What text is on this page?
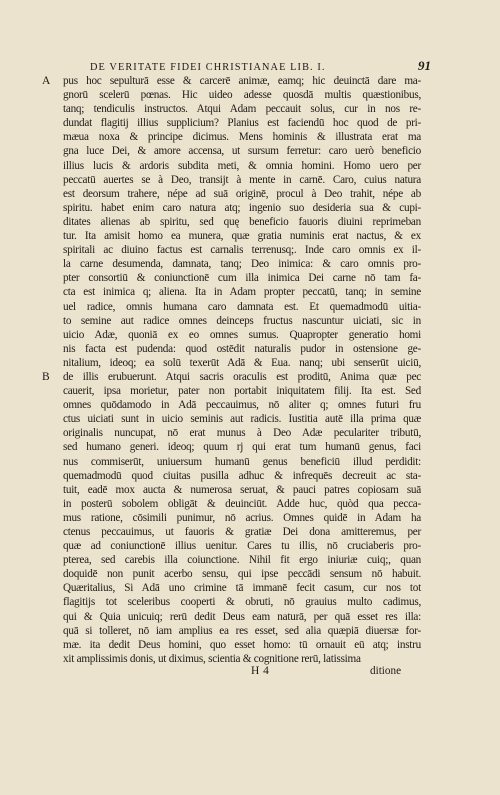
DE VERITATE FIDEI CHRISTIANAE LIB. I.	91
A
B
pus hoc sepulturā esse & carcerē animæ, eamq; hic deuinctā dare ma-
gnorū scelerū pœnas. Hic uideo adesse quosdā multis quæstionibus,
tanq; tendiculis instructos. Atqui Adam peccauit solus, cur in nos re-
dundat flagitij illius supplicium? Planius est faciendū hoc quod de pri-
mæua noxa & principe dicimus. Mens hominis & illustrata erat ma
gna luce Dei, & amore accensa, ut sursum ferretur: caro uerò beneficio
illius lucis & ardoris subdita meti, & omnia homini. Homo uero per
peccatū auertes se à Deo, transijt à mente in carnē. Caro, cuius natura
est deorsum trahere, népe ad suā originē, procul à Deo trahit, népe ab
spiritu. habet enim caro natura atq; ingenio suo desideria sua & cupi-
ditates alienas ab spiritu, sed quę beneficio fauoris diuini reprimeban
tur. Ita amisit homo ea munera, quæ gratia numinis erat nactus, & ex
spiritali ac diuino factus est carnalis terrenusq;. Inde caro omnis ex il-
la carne desumenda, damnata, tanq; Deo inimica: & caro omnis pro-
pter consortiū & coniunctionē cum illa inimica Dei carne nō tam fa-
cta est inimica q; aliena. Ita in Adam propter peccatū, tanq; in semine
uel radice, omnis humana caro damnata est. Et quemadmodū uitia-
to semine aut radice omnes deinceps fructus nascuntur uiciati, sic in
uicio Adæ, quoniā ex eo omnes sumus. Quapropter generatio homi
nis facta est pudenda: quod ostēdit naturalis pudor in ostensione ge-
nitalium, ideoq; ea solū texerūt Adā & Eua. nanq; ubi senserūt uiciū,
de illis erubuerunt. Atqui sacris oraculis est proditū, Anima quæ pec
cauerit, ipsa morietur, pater non portabit iniquitatem filij. Ita est. Sed
omnes quōdamodo in Adā peccauimus, nō aliter q; omnes futuri fru
ctus uiciati sunt in uicio seminis aut radicis. Iustitia autē illa prima quæ
originalis nuncupat, nō erat munus à Deo Adæ peculariter tributū,
sed humano generi. ideoq; quum rj qui erat tum humanū genus, faci
nus commiserūt, uniuersum humanū genus beneficiū illud perdidit:
quemadmodū quod ciuitas pusilla adhuc & infrequēs decreuit ac sta-
tuit, eadē mox aucta & numerosa seruat, & pauci patres copiosam suā
in posterū sobolem obligāt & deuinciūt. Adde huc, quòd qua pecca-
mus ratione, cōsimili punimur, nō acrius. Omnes quidē in Adam ha
ctenus peccauimus, ut fauoris & gratiæ Dei dona amitteremus, per
quæ ad coniunctionē illius uenitur. Cares tu illis, nō cruciaberis pro-
pterea, sed carebis illa coiunctione. Nihil fit ergo iniuriæ cuiq;, quan
doquidē non punit acerbo sensu, qui ipse peccādi sensum nō habuit.
Quæritalius, Si Adā uno crimine tā immanē fecit casum, cur nos tot
flagitijs tot sceleribus cooperti & obruti, nō grauius multo cadimus,
qui & Quia unicuiq; rerū dedit Deus eam naturā, per quā esset res illa:
quā si tolleret, nō iam amplius ea res esset, sed alia quæpiā diuersæ for-
mæ. ita dedit Deus homini, quo esset homo: tū ornauit eū atq; instru
xit amplissimis donis, ut diximus, scientia & cognitione rerū, latissima
H 4	ditione
